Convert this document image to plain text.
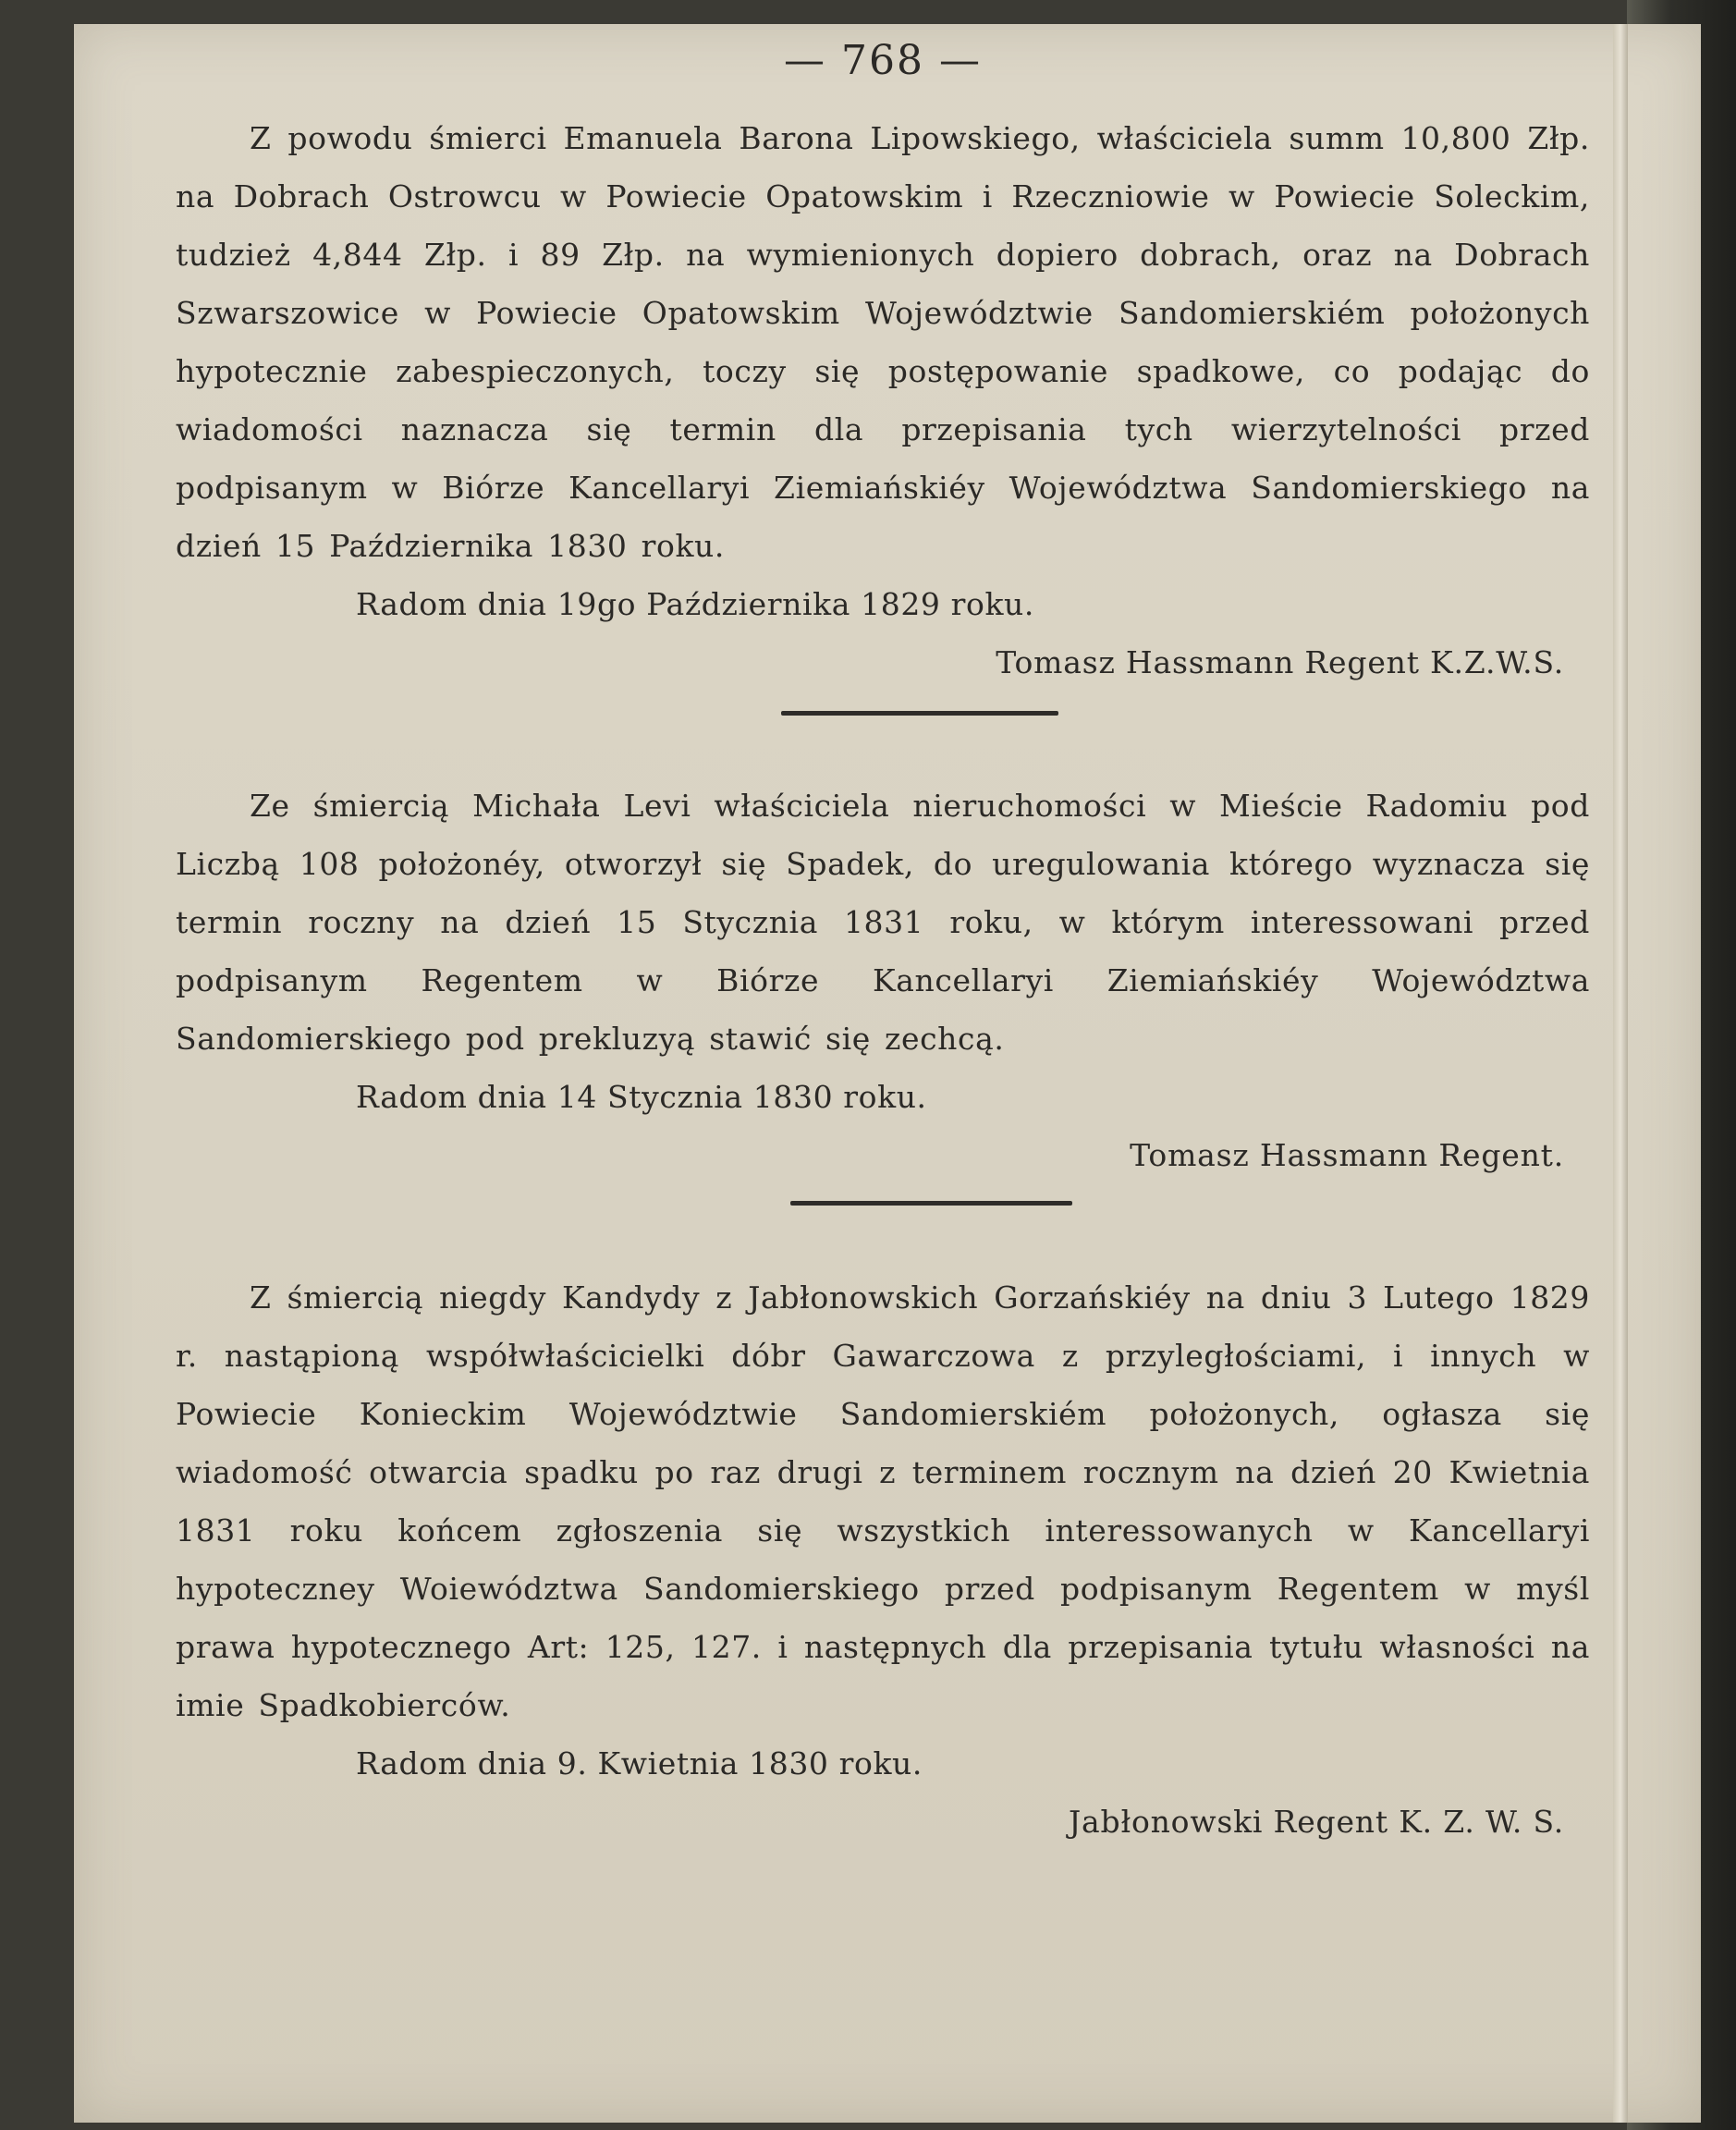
— 768 —

Z powodu śmierci Emanuela Barona Lipowskiego, właściciela summ 10,800 Złp. na Dobrach Ostrowcu w Powiecie Opatowskim i Rzeczniowie w Powiecie Soleckim, tudzież 4,844 Złp. i 89 Złp. na wymienionych dopiero dobrach, oraz na Dobrach Szwarszowice w Powiecie Opatowskim Województwie Sandomierskiém położonych hypotecznie zabespieczonych, toczy się postępowanie spadkowe, co podając do wiadomości naznacza się termin dla przepisania tych wierzytelności przed podpisanym w Biórze Kancellaryi Ziemiańskiéy Województwa Sandomierskiego na dzień 15 Października 1830 roku.

Radom dnia 19go Października 1829 roku.

Tomasz Hassmann Regent K.Z.W.S.

Ze śmiercią Michała Levi właściciela nieruchomości w Mieście Radomiu pod Liczbą 108 położonéy, otworzył się Spadek, do uregulowania którego wyznacza się termin roczny na dzień 15 Stycznia 1831 roku, w którym interessowani przed podpisanym Regentem w Biórze Kancellaryi Ziemiańskiéy Województwa Sandomierskiego pod prekluzyą stawić się zechcą.

Radom dnia 14 Stycznia 1830 roku.

Tomasz Hassmann Regent.

Z śmiercią niegdy Kandydy z Jabłonowskich Gorzańskiéy na dniu 3 Lutego 1829 r. nastąpioną współwłaścicielki dóbr Gawarczowa z przyległościami, i innych w Powiecie Konieckim Województwie Sandomierskiém położonych, ogłasza się wiadomość otwarcia spadku po raz drugi z terminem rocznym na dzień 20 Kwietnia 1831 roku końcem zgłoszenia się wszystkich interessowanych w Kancellaryi hypoteczney Woiewództwa Sandomierskiego przed podpisanym Regentem w myśl prawa hypotecznego Art: 125, 127. i następnych dla przepisania tytułu własności na imie Spadkobierców.

Radom dnia 9. Kwietnia 1830 roku.

Jabłonowski Regent K. Z. W. S.
